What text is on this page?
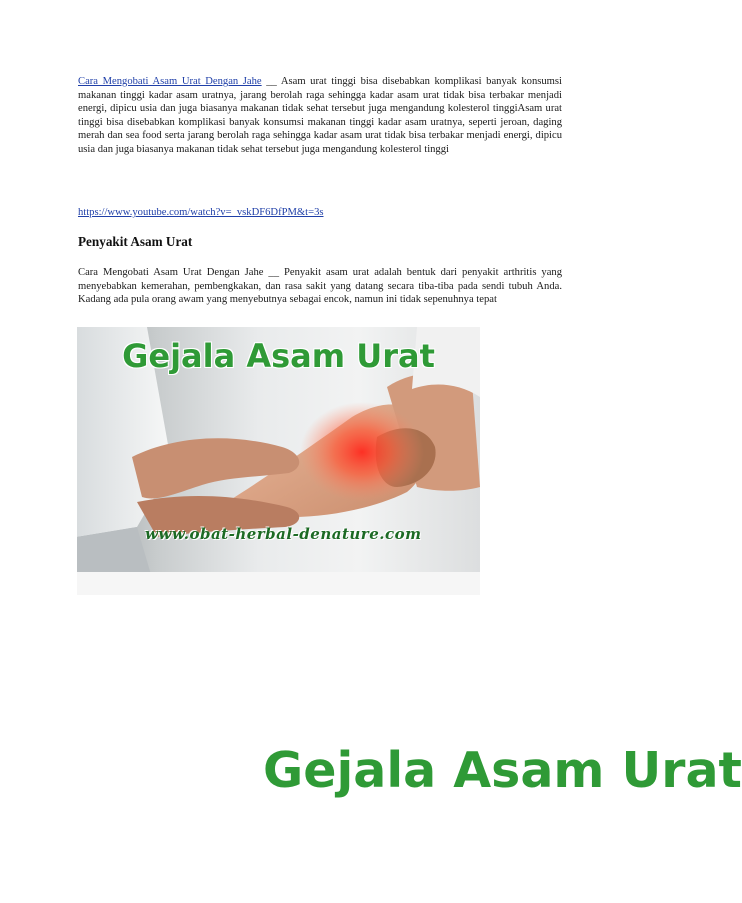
Cara Mengobati Asam Urat Dengan Jahe __ Asam urat tinggi bisa disebabkan komplikasi banyak konsumsi makanan tinggi kadar asam uratnya, jarang berolah raga sehingga kadar asam urat tidak bisa terbakar menjadi energi, dipicu usia dan juga biasanya makanan tidak sehat tersebut juga mengandung kolesterol tinggiAsam urat tinggi bisa disebabkan komplikasi banyak konsumsi makanan tinggi kadar asam uratnya, seperti jeroan, daging merah dan sea food serta jarang berolah raga sehingga kadar asam urat tidak bisa terbakar menjadi energi, dipicu usia dan juga biasanya makanan tidak sehat tersebut juga mengandung kolesterol tinggi

https://www.youtube.com/watch?v=_vskDF6DfPM&t=3s
Penyakit Asam Urat

Cara Mengobati Asam Urat Dengan Jahe __ Penyakit asam urat adalah bentuk dari penyakit arthritis yang menyebabkan kemerahan, pembengkakan, dan rasa sakit yang datang secara tiba-tiba pada sendi tubuh Anda. Kadang ada pula orang awam yang menyebutnya sebagai encok, namun ini tidak sepenuhnya tepat

Gejala Asam Urat
www.obat-herbal-denature.com
Gejala Asam Urat
